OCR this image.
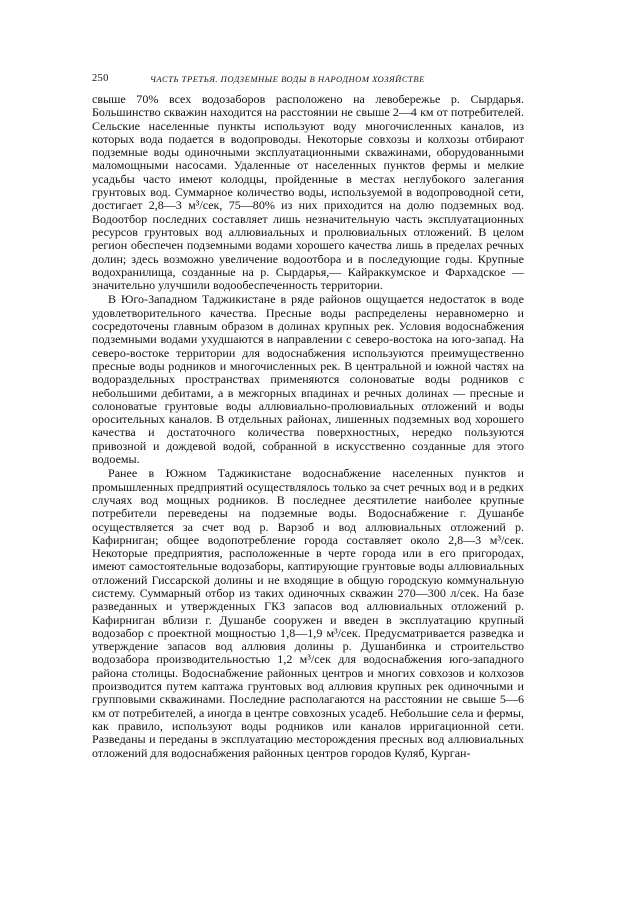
250	ЧАСТЬ ТРЕТЬЯ. ПОДЗЕМНЫЕ ВОДЫ В НАРОДНОМ ХОЗЯЙСТВЕ

свыше 70% всех водозаборов расположено на левобережье р. Сырдарья. Большинство скважин находится на расстоянии не свыше 2—4 км от потребителей. Сельские населенные пункты используют воду многочисленных каналов, из которых вода подается в водопроводы. Некоторые совхозы и колхозы отбирают подземные воды одиночными эксплуатационными скважинами, оборудованными маломощными насосами. Удаленные от населенных пунктов фермы и мелкие усадьбы часто имеют колодцы, пройденные в местах неглубокого залегания грунтовых вод. Суммарное количество воды, используемой в водопроводной сети, достигает 2,8—3 м³/сек, 75—80% из них приходится на долю подземных вод. Водоотбор последних составляет лишь незначительную часть эксплуатационных ресурсов грунтовых вод аллювиальных и пролювиальных отложений. В целом регион обеспечен подземными водами хорошего качества лишь в пределах речных долин; здесь возможно увеличение водоотбора и в последующие годы. Крупные водохранилища, созданные на р. Сырдарья,— Кайраккумское и Фархадское — значительно улучшили водообеспеченность территории.

В Юго-Западном Таджикистане в ряде районов ощущается недостаток в воде удовлетворительного качества. Пресные воды распределены неравномерно и сосредоточены главным образом в долинах крупных рек. Условия водоснабжения подземными водами ухудшаются в направлении с северо-востока на юго-запад. На северо-востоке территории для водоснабжения используются преимущественно пресные воды родников и многочисленных рек. В центральной и южной частях на водораздельных пространствах применяются солоноватые воды родников с небольшими дебитами, а в межгорных впадинах и речных долинах — пресные и солоноватые грунтовые воды аллювиально-пролювиальных отложений и воды оросительных каналов. В отдельных районах, лишенных подземных вод хорошего качества и достаточного количества поверхностных, нередко пользуются привозной и дождевой водой, собранной в искусственно созданные для этого водоемы.

Ранее в Южном Таджикистане водоснабжение населенных пунктов и промышленных предприятий осуществлялось только за счет речных вод и в редких случаях вод мощных родников. В последнее десятилетие наиболее крупные потребители переведены на подземные воды. Водоснабжение г. Душанбе осуществляется за счет вод р. Варзоб и вод аллювиальных отложений р. Кафирниган; общее водопотребление города составляет около 2,8—3 м³/сек. Некоторые предприятия, расположенные в черте города или в его пригородах, имеют самостоятельные водозаборы, каптирующие грунтовые воды аллювиальных отложений Гиссарской долины и не входящие в общую городскую коммунальную систему. Суммарный отбор из таких одиночных скважин 270—300 л/сек. На базе разведанных и утвержденных ГКЗ запасов вод аллювиальных отложений р. Кафирниган вблизи г. Душанбе сооружен и введен в эксплуатацию крупный водозабор с проектной мощностью 1,8—1,9 м³/сек. Предусматривается разведка и утверждение запасов вод аллювия долины р. Душанбинка и строительство водозабора производительностью 1,2 м³/сек для водоснабжения юго-западного района столицы. Водоснабжение районных центров и многих совхозов и колхозов производится путем каптажа грунтовых вод аллювия крупных рек одиночными и групповыми скважинами. Последние располагаются на расстоянии не свыше 5—6 км от потребителей, а иногда в центре совхозных усадеб. Небольшие села и фермы, как правило, используют воды родников или каналов ирригационной сети. Разведаны и переданы в эксплуатацию месторождения пресных вод аллювиальных отложений для водоснабжения районных центров городов Куляб, Курган-
